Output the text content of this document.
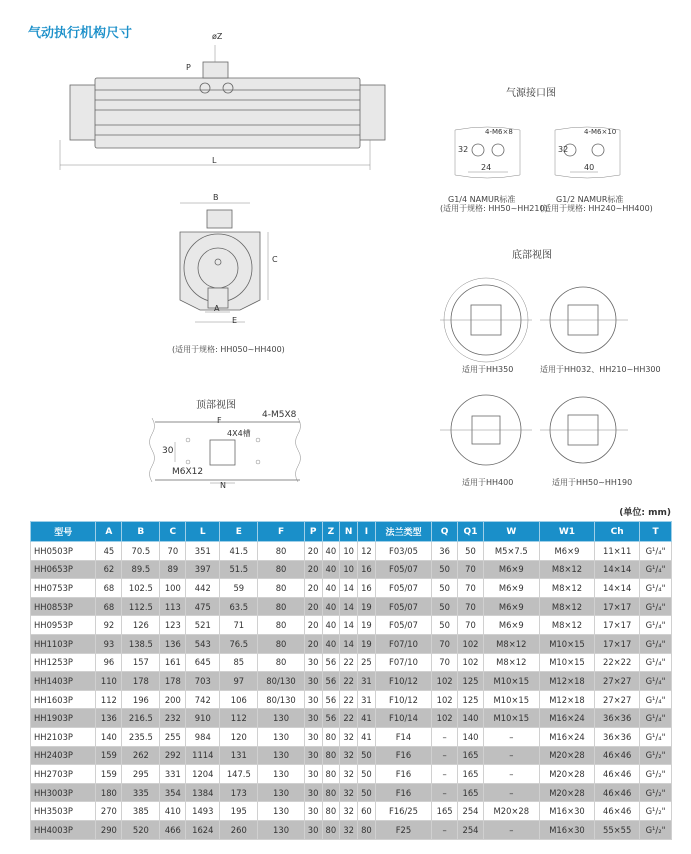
气动执行机构尺寸	øZ
P
L
B
C
A
E
(适用于规格: HH050~HH400)
顶部视图
4-M5X8
F
4X4槽
30
M6X12
N
气源接口图
4-M6×8
32
24
G1/4 NAMUR标准
(适用于规格: HH50~HH210)
4-M6×10
32
40
G1/2 NAMUR标准
(适用于规格: HH240~HH400)
底部视图
适用于HH350	适用于HH032、HH210~HH300
适用于HH400	适用于HH50~HH190
(单位: mm)
型号	A	B	C	L	E	F	P	Z	N	I	法兰类型	Q	Q1	W	W1	Ch	T
HH0503P	45	70.5	70	351	41.5	80	20	40	10	12	F03/05	36	50	M5×7.5	M6×9	11×11	G¹/₄"
HH0653P	62	89.5	89	397	51.5	80	20	40	10	16	F05/07	50	70	M6×9	M8×12	14×14	G¹/₄"
HH0753P	68	102.5	100	442	59	80	20	40	14	16	F05/07	50	70	M6×9	M8×12	14×14	G¹/₄"
HH0853P	68	112.5	113	475	63.5	80	20	40	14	19	F05/07	50	70	M6×9	M8×12	17×17	G¹/₄"
HH0953P	92	126	123	521	71	80	20	40	14	19	F05/07	50	70	M6×9	M8×12	17×17	G¹/₄"
HH1103P	93	138.5	136	543	76.5	80	20	40	14	19	F07/10	70	102	M8×12	M10×15	17×17	G¹/₄"
HH1253P	96	157	161	645	85	80	30	56	22	25	F07/10	70	102	M8×12	M10×15	22×22	G¹/₄"
HH1403P	110	178	178	703	97	80/130	30	56	22	31	F10/12	102	125	M10×15	M12×18	27×27	G¹/₄"
HH1603P	112	196	200	742	106	80/130	30	56	22	31	F10/12	102	125	M10×15	M12×18	27×27	G¹/₄"
HH1903P	136	216.5	232	910	112	130	30	56	22	41	F10/14	102	140	M10×15	M16×24	36×36	G¹/₄"
HH2103P	140	235.5	255	984	120	130	30	80	32	41	F14	–	140	–	M16×24	36×36	G¹/₄"
HH2403P	159	262	292	1114	131	130	30	80	32	50	F16	–	165	–	M20×28	46×46	G¹/₂"
HH2703P	159	295	331	1204	147.5	130	30	80	32	50	F16	–	165	–	M20×28	46×46	G¹/₂"
HH3003P	180	335	354	1384	173	130	30	80	32	50	F16	–	165	–	M20×28	46×46	G¹/₂"
HH3503P	270	385	410	1493	195	130	30	80	32	60	F16/25	165	254	M20×28	M16×30	46×46	G¹/₂"
HH4003P	290	520	466	1624	260	130	30	80	32	80	F25	–	254	–	M16×30	55×55	G¹/₂"
